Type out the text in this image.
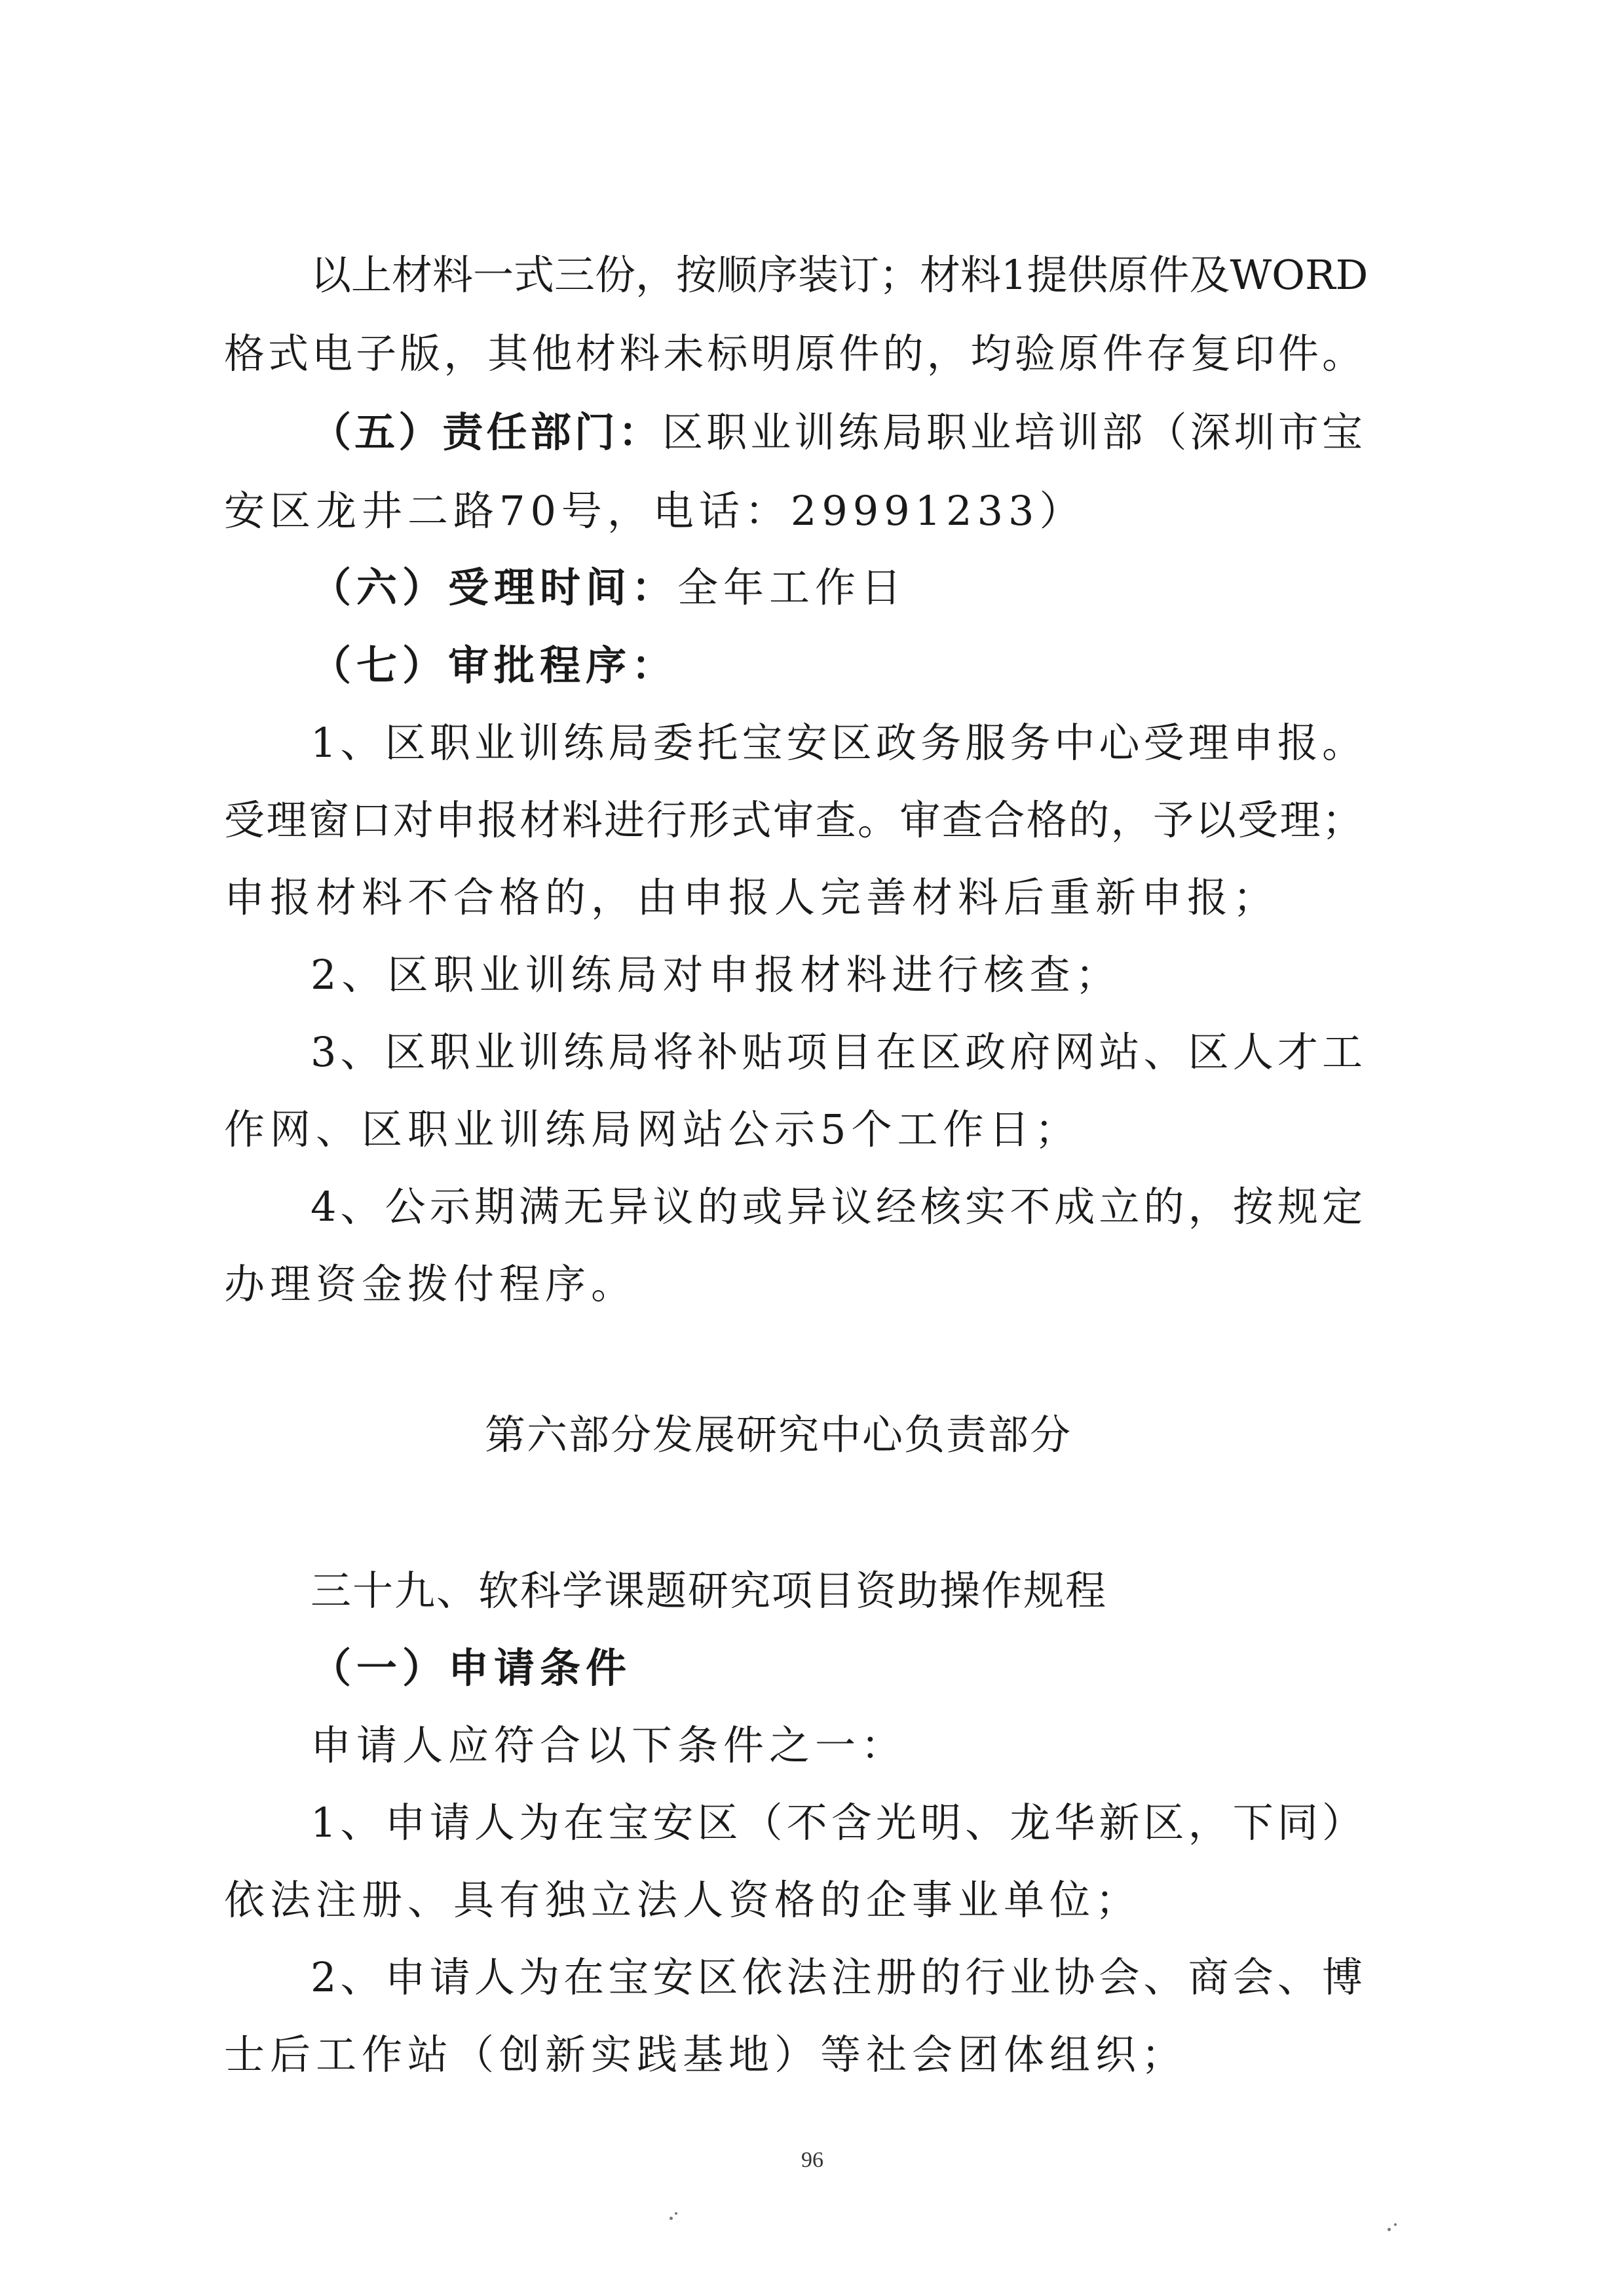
以上材料一式三份，按顺序装订；材料1提供原件及WORD
格式电子版，其他材料未标明原件的，均验原件存复印件。
（五）责任部门：区职业训练局职业培训部（深圳市宝
安区龙井二路70号，电话：29991233）
（六）受理时间：全年工作日
（七）审批程序：
1、区职业训练局委托宝安区政务服务中心受理申报。
受理窗口对申报材料进行形式审查。审查合格的，予以受理；
申报材料不合格的，由申报人完善材料后重新申报；
2、区职业训练局对申报材料进行核查；
3、区职业训练局将补贴项目在区政府网站、区人才工
作网、区职业训练局网站公示5个工作日；
4、公示期满无异议的或异议经核实不成立的，按规定
办理资金拨付程序。
第六部分发展研究中心负责部分
三十九、软科学课题研究项目资助操作规程
（一）申请条件
申请人应符合以下条件之一：
1、申请人为在宝安区（不含光明、龙华新区，下同）
依法注册、具有独立法人资格的企事业单位；
2、申请人为在宝安区依法注册的行业协会、商会、博
士后工作站（创新实践基地）等社会团体组织；
96
